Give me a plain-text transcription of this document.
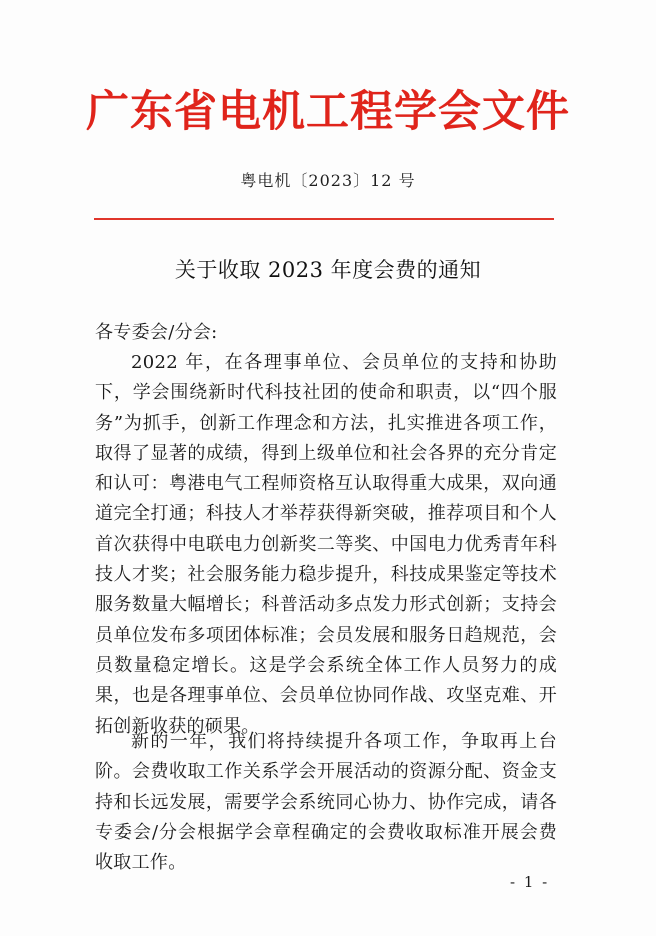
广东省电机工程学会文件
粤电机〔2023〕12 号
关于收取 2023 年度会费的通知
各专委会/分会:
2022 年，在各理事单位、会员单位的支持和协助下，学会围绕新时代科技社团的使命和职责，以“四个服务”为抓手，创新工作理念和方法，扎实推进各项工作，取得了显著的成绩，得到上级单位和社会各界的充分肯定和认可：粤港电气工程师资格互认取得重大成果，双向通道完全打通；科技人才举荐获得新突破，推荐项目和个人首次获得中电联电力创新奖二等奖、中国电力优秀青年科技人才奖；社会服务能力稳步提升，科技成果鉴定等技术服务数量大幅增长；科普活动多点发力形式创新；支持会员单位发布多项团体标准；会员发展和服务日趋规范，会员数量稳定增长。这是学会系统全体工作人员努力的成果，也是各理事单位、会员单位协同作战、攻坚克难、开拓创新收获的硕果。
新的一年，我们将持续提升各项工作，争取再上台阶。会费收取工作关系学会开展活动的资源分配、资金支持和长远发展，需要学会系统同心协力、协作完成，请各专委会/分会根据学会章程确定的会费收取标准开展会费收取工作。
- 1 -
